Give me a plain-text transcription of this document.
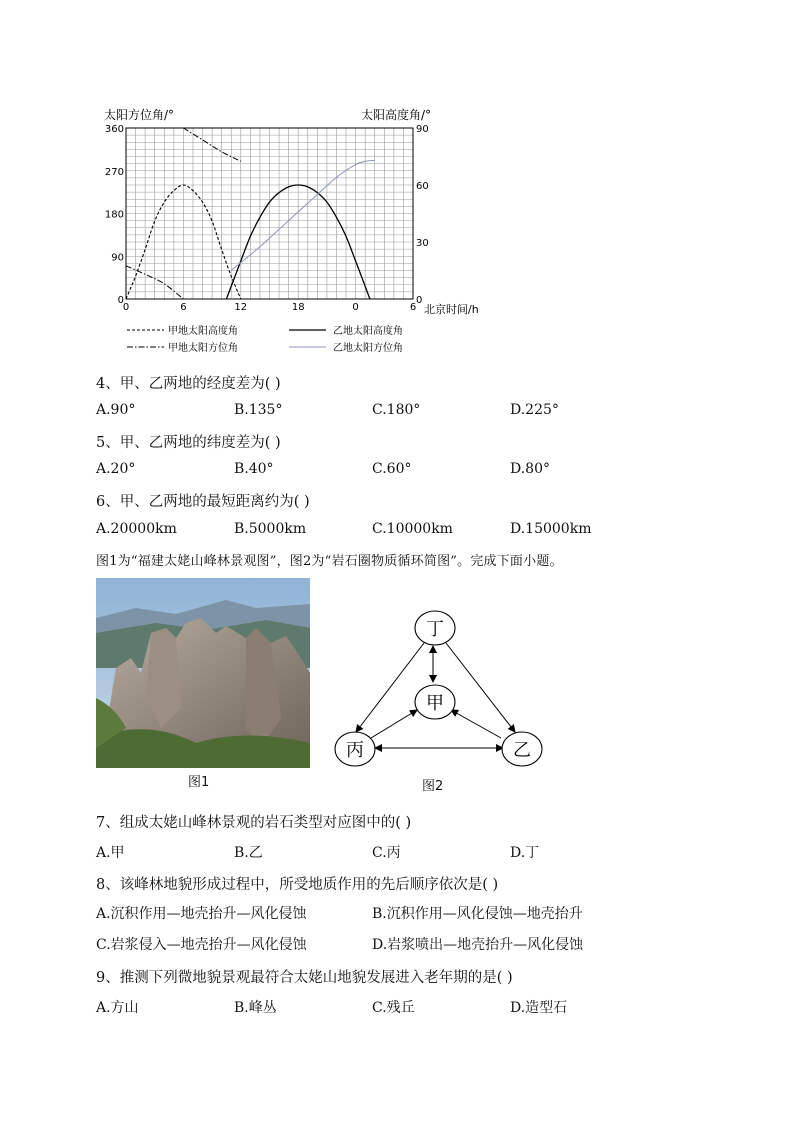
太阳方位角/°	太阳高度角/°
0	6	12	18	0	6
0
90
180
270
360
0
30
60
90
北京时间/h
甲地太阳高度角
甲地太阳方位角
乙地太阳高度角
乙地太阳方位角
4、甲、乙两地的经度差为( )
A.90°	B.135°	C.180°	D.225°
5、甲、乙两地的纬度差为( )
A.20°	B.40°	C.60°	D.80°
6、甲、乙两地的最短距离约为( )
A.20000km	B.5000km	C.10000km	D.15000km
图1为“福建太姥山峰林景观图”，图2为“岩石圈物质循环简图”。完成下面小题。
图1
丁
甲
丙	乙
图2
7、组成太姥山峰林景观的岩石类型对应图中的( )
A.甲	B.乙	C.丙	D.丁
8、该峰林地貌形成过程中，所受地质作用的先后顺序依次是( )
A.沉积作用—地壳抬升—风化侵蚀	B.沉积作用—风化侵蚀—地壳抬升
C.岩浆侵入—地壳抬升—风化侵蚀	D.岩浆喷出—地壳抬升—风化侵蚀
9、推测下列微地貌景观最符合太姥山地貌发展进入老年期的是( )
A.方山	B.峰丛	C.残丘	D.造型石
